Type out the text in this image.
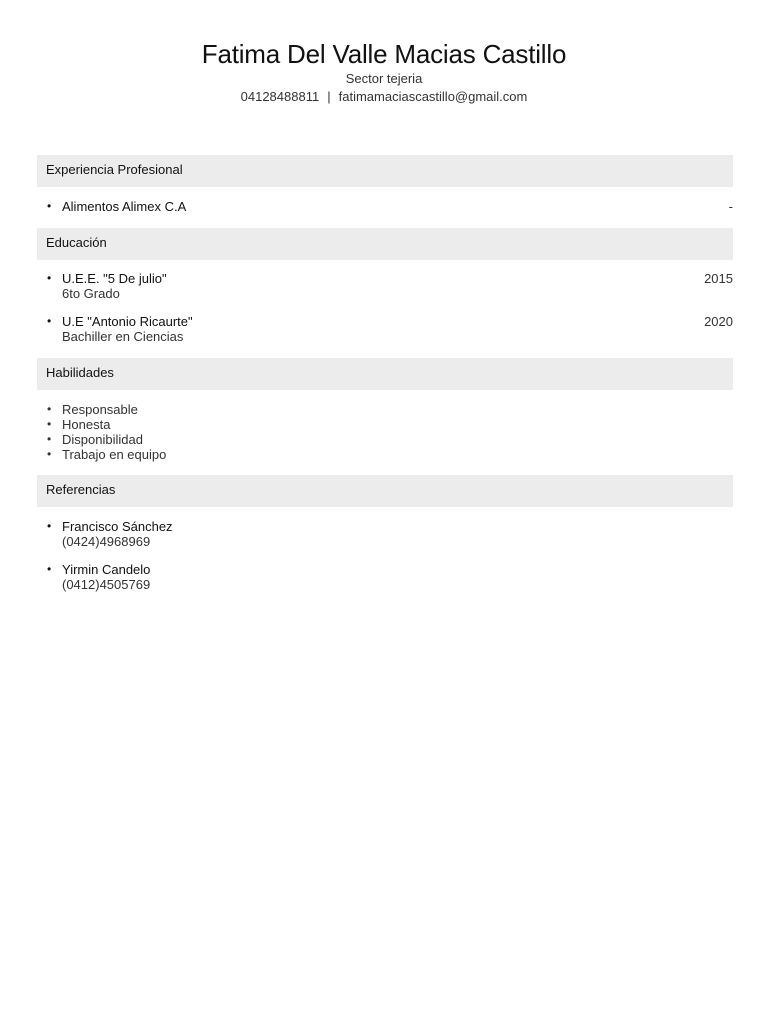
Fatima Del Valle Macias Castillo
Sector tejeria
04128488811 | fatimamaciascastillo@gmail.com
Experiencia Profesional
• Alimentos Alimex C.A	-
Educación
• U.E.E. "5 De julio"
6to Grado
2015
• U.E "Antonio Ricaurte"
Bachiller en Ciencias
2020
Habilidades
• Responsable
• Honesta
• Disponibilidad
• Trabajo en equipo
Referencias
• Francisco Sánchez
(0424)4968969
• Yirmin Candelo
(0412)4505769
